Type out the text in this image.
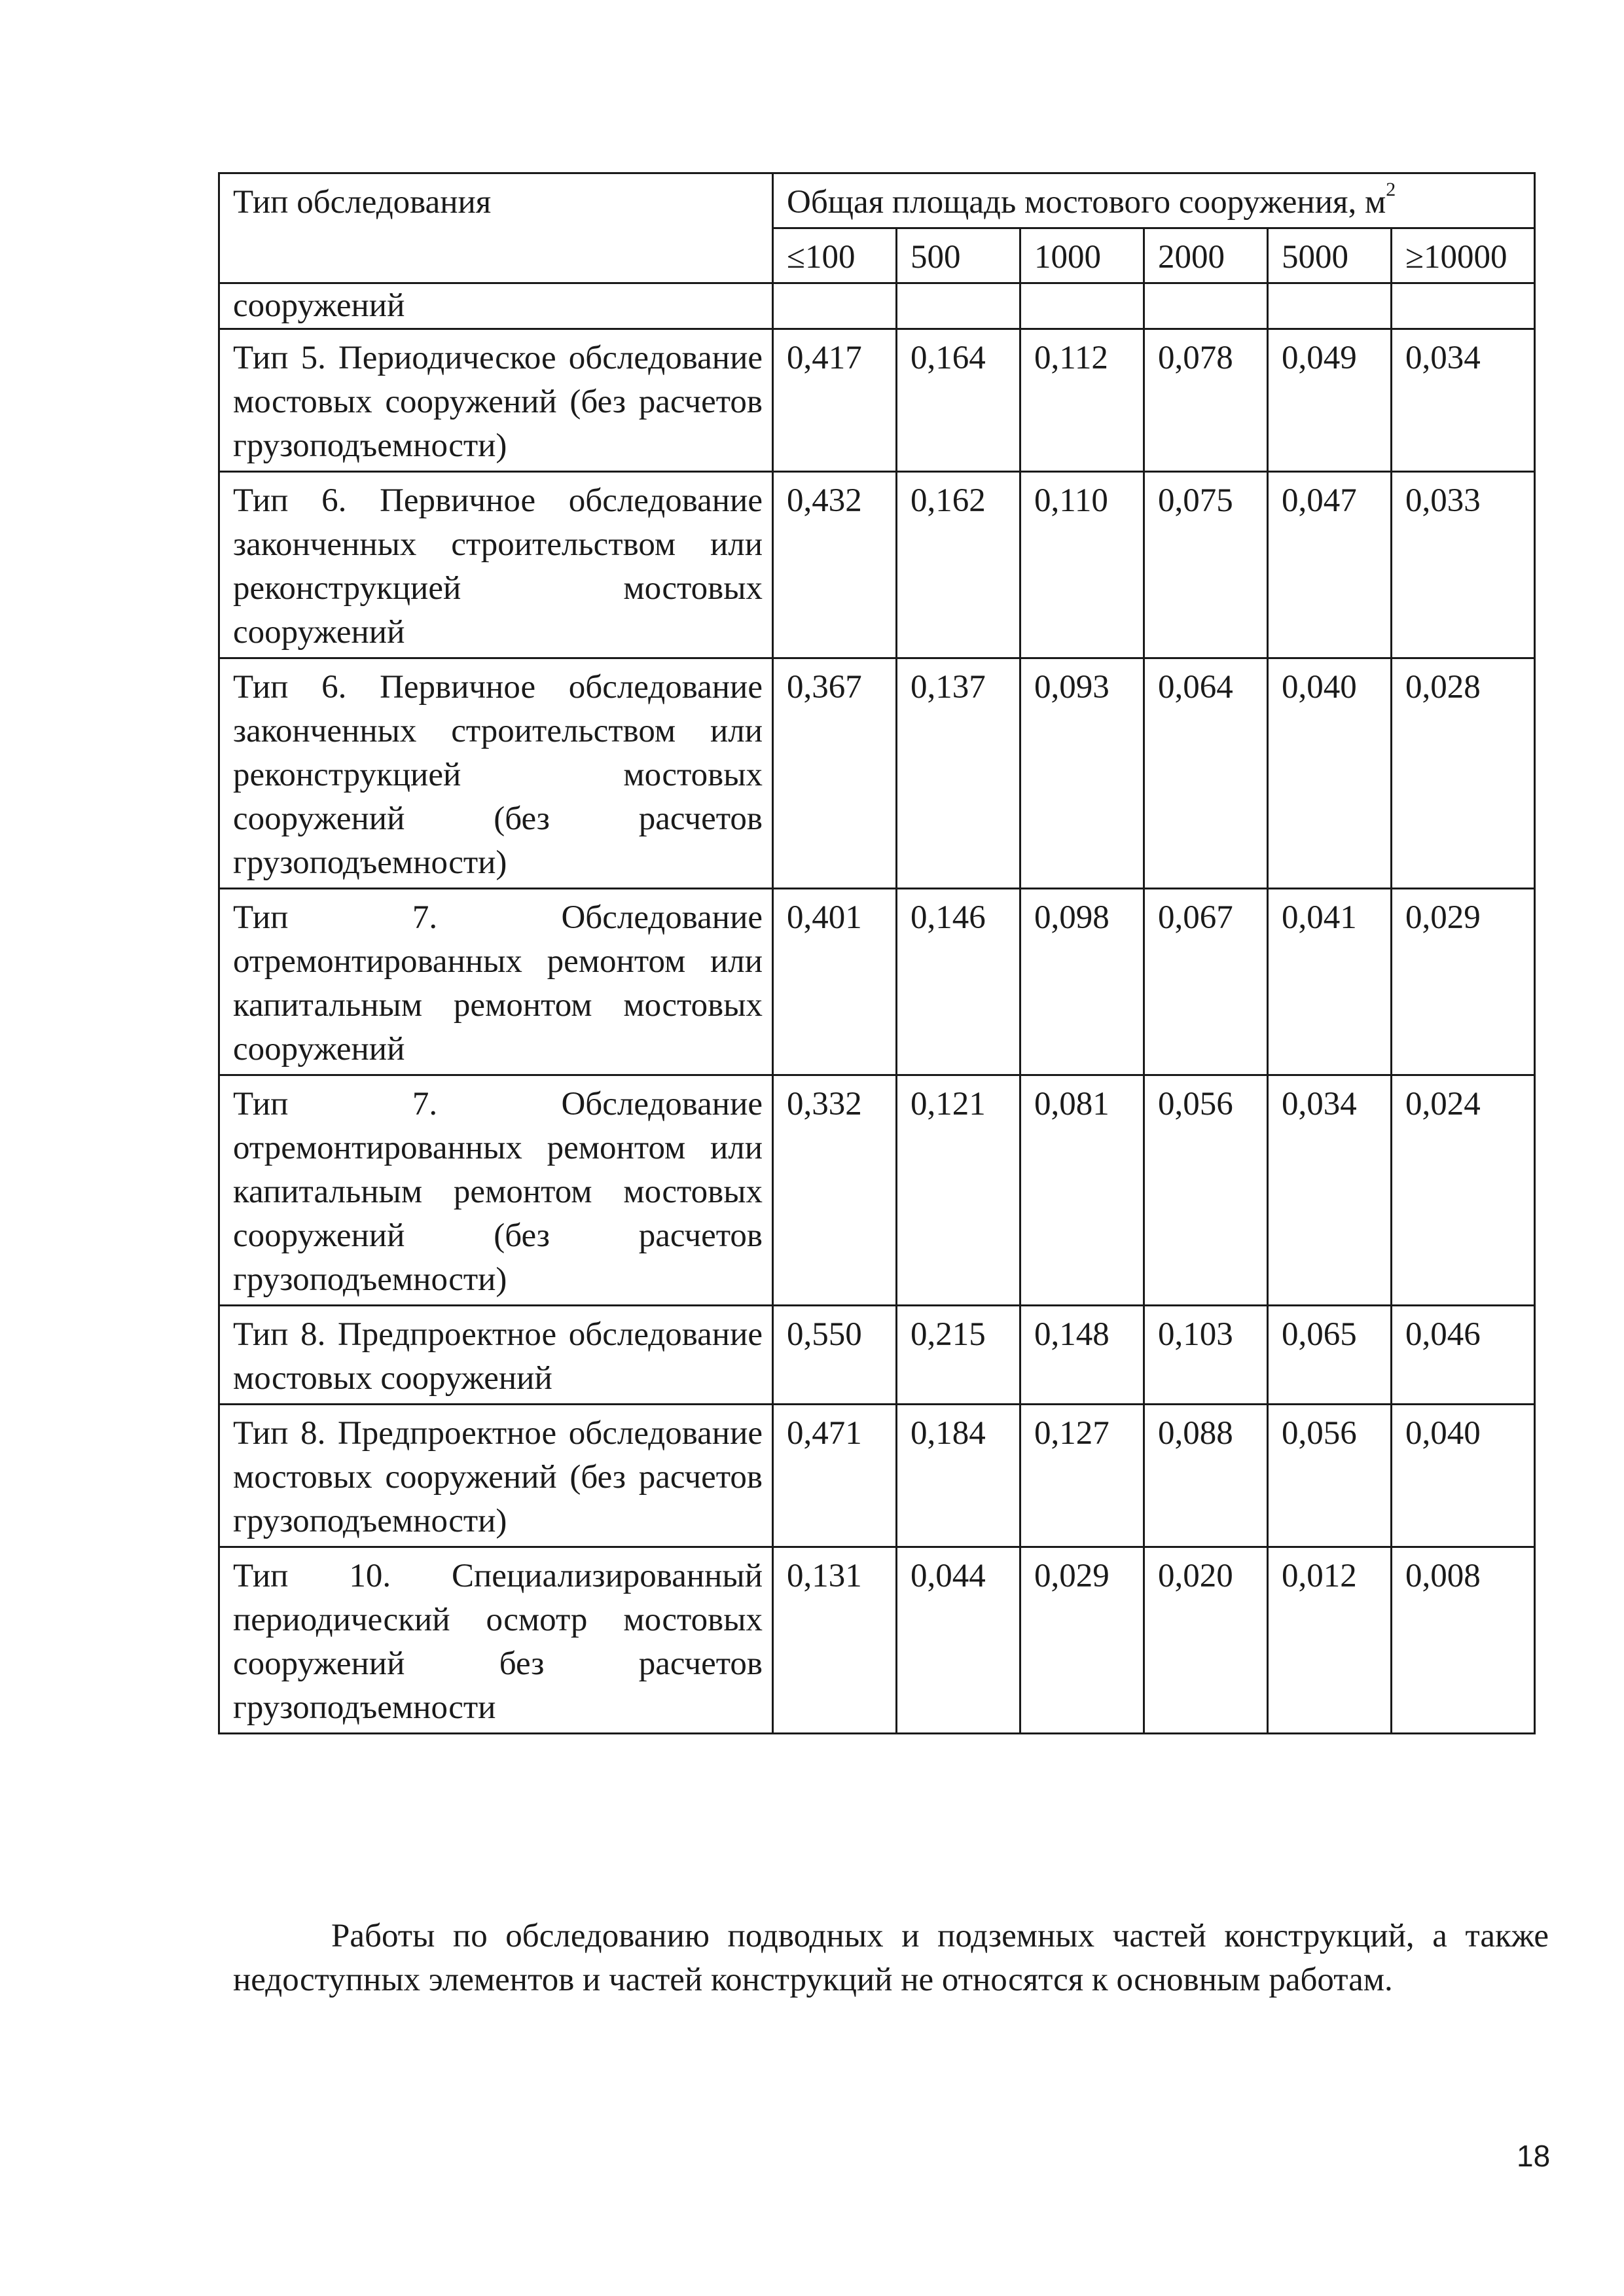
Тип обследования	Общая площадь мостового сооружения, $м^2$
	≤100	500	1000	2000	5000	≥10000
сооружений						
Тип 5. Периодическое обследование мостовых сооружений (без расчетов грузоподъемности)	0,417	0,164	0,112	0,078	0,049	0,034
Тип 6. Первичное обследование законченных строительством или реконструкцией мостовых сооружений	0,432	0,162	0,110	0,075	0,047	0,033
Тип 6. Первичное обследование законченных строительством или реконструкцией мостовых сооружений (без расчетов грузоподъемности)	0,367	0,137	0,093	0,064	0,040	0,028
Тип 7. Обследование отремонтированных ремонтом или капитальным ремонтом мостовых сооружений	0,401	0,146	0,098	0,067	0,041	0,029
Тип 7. Обследование отремонтированных ремонтом или капитальным ремонтом мостовых сооружений (без расчетов грузоподъемности)	0,332	0,121	0,081	0,056	0,034	0,024
Тип 8. Предпроектное обследование мостовых сооружений	0,550	0,215	0,148	0,103	0,065	0,046
Тип 8. Предпроектное обследование мостовых сооружений (без расчетов грузоподъемности)	0,471	0,184	0,127	0,088	0,056	0,040
Тип 10. Специализированный периодический осмотр мостовых сооружений без расчетов грузоподъемности	0,131	0,044	0,029	0,020	0,012	0,008

Работы по обследованию подводных и подземных частей конструкций, а также недоступных элементов и частей конструкций не относятся к основным работам.

18
